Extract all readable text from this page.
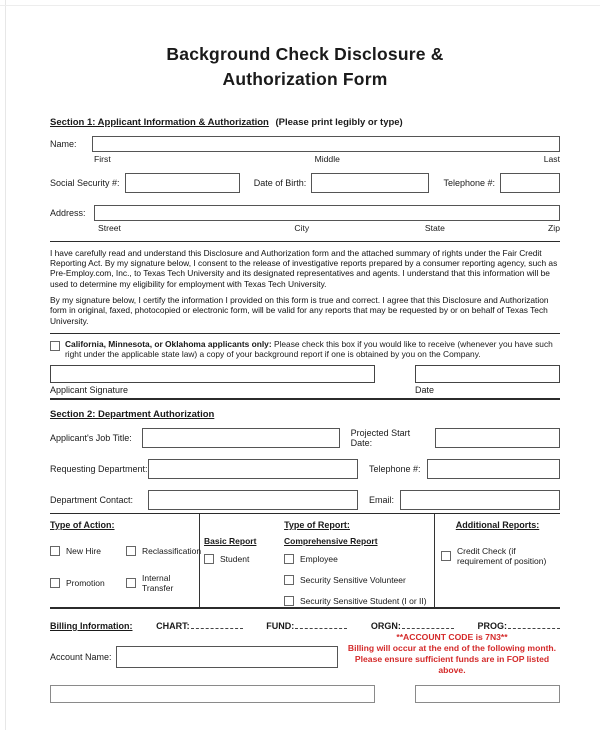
Background Check Disclosure &
Authorization Form
Section 1: Applicant Information & Authorization (Please print legibly or type)
Name:
First	Middle	Last
Social Security #:	Date of Birth:	Telephone #:
Address:
Street	City	State	Zip

I have carefully read and understand this Disclosure and Authorization form and the attached summary of rights under the Fair Credit Reporting Act. By my signature below, I consent to the release of investigative reports prepared by a consumer reporting agency, such as Pre-Employ.com, Inc., to Texas Tech University and its designated representatives and agents. I understand that this information will be used to determine my eligibility for employment with Texas Tech University.

By my signature below, I certify the information I provided on this form is true and correct. I agree that this Disclosure and Authorization form in original, faxed, photocopied or electronic form, will be valid for any reports that may be requested by or on behalf of Texas Tech University.

California, Minnesota, or Oklahoma applicants only: Please check this box if you would like to receive (whenever you have such right under the applicable state law) a copy of your background report if one is obtained by you on the Company.
Applicant Signature	Date
Section 2: Department Authorization
Applicant's Job Title:	Projected Start Date:
Requesting Department:	Telephone #:
Department Contact:	Email:
Type of Action:
New Hire	Reclassification
Promotion	Internal Transfer
Type of Report:
Basic Report
Student
Comprehensive Report
Employee
Security Sensitive Volunteer
Security Sensitive Student (I or II)
Additional Reports:
Credit Check (if requirement of position)
Billing Information:	CHART:	FUND:	ORGN:	PROG:
Account Name:
**ACCOUNT CODE is 7N3**
Billing will occur at the end of the following month.
Please ensure sufficient funds are in FOP listed above.
